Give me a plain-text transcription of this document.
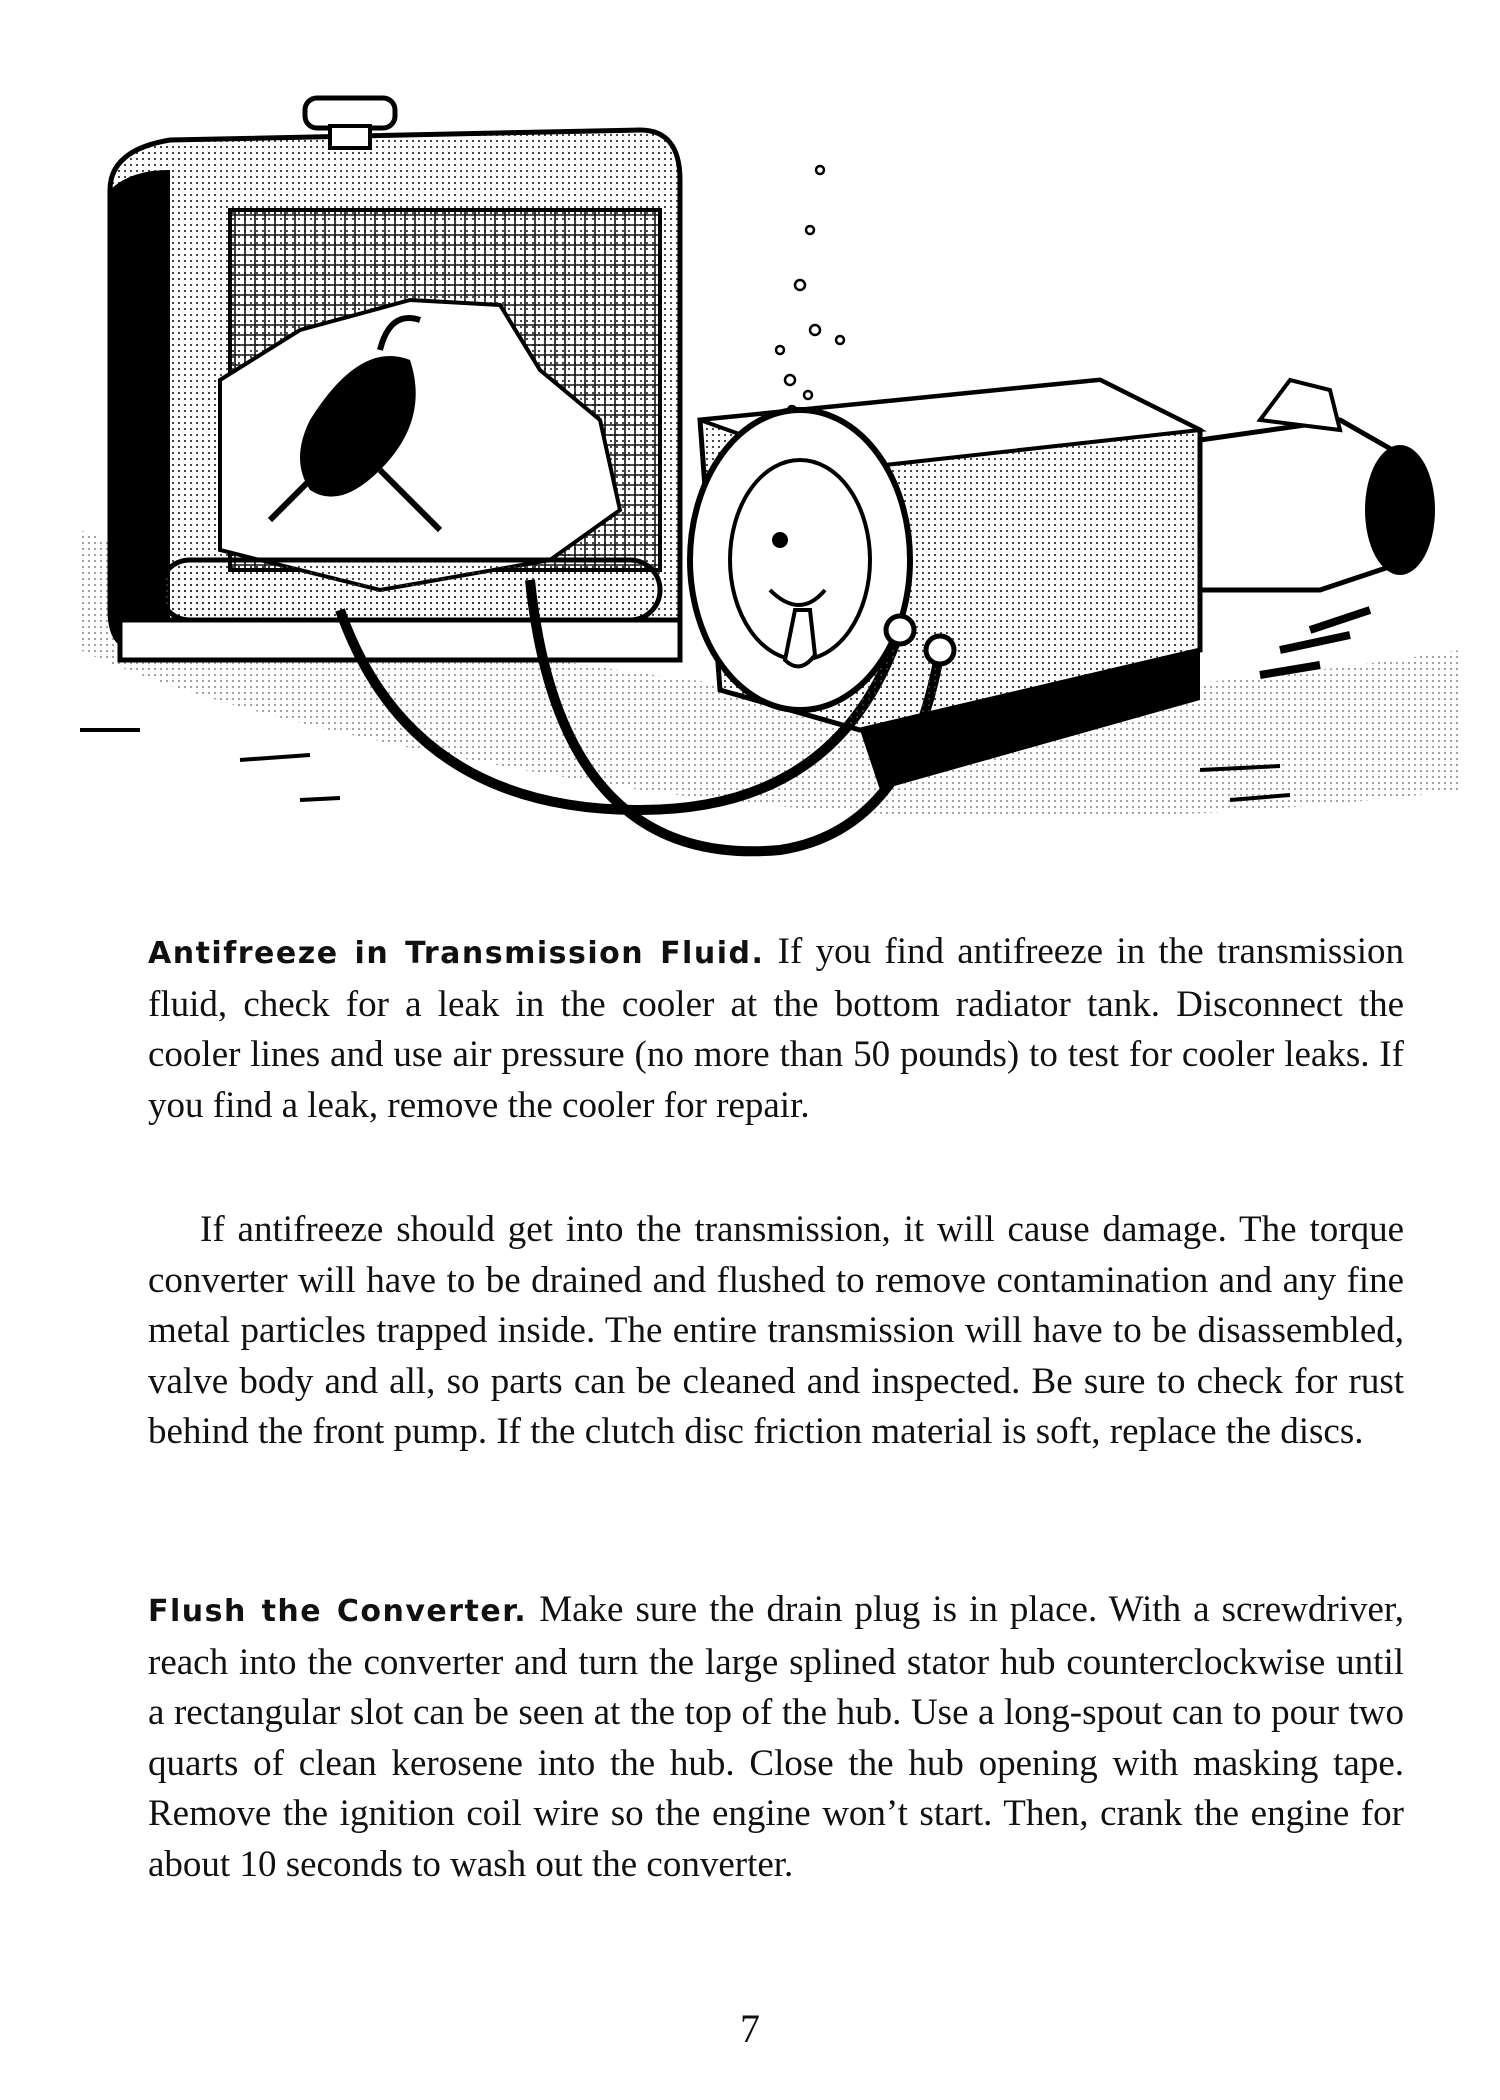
Antifreeze in Transmission Fluid. If you find antifreeze in the transmission fluid, check for a leak in the cooler at the bottom radiator tank. Disconnect the cooler lines and use air pressure (no more than 50 pounds) to test for cooler leaks. If you find a leak, remove the cooler for repair.

If antifreeze should get into the transmission, it will cause damage. The torque converter will have to be drained and flushed to remove contamination and any fine metal particles trapped inside. The entire transmission will have to be disassembled, valve body and all, so parts can be cleaned and inspected. Be sure to check for rust behind the front pump. If the clutch disc friction material is soft, replace the discs.

Flush the Converter. Make sure the drain plug is in place. With a screwdriver, reach into the converter and turn the large splined stator hub counterclockwise until a rectangular slot can be seen at the top of the hub. Use a long-spout can to pour two quarts of clean kerosene into the hub. Close the hub opening with masking tape. Remove the ignition coil wire so the engine won’t start. Then, crank the engine for about 10 seconds to wash out the converter.

7
